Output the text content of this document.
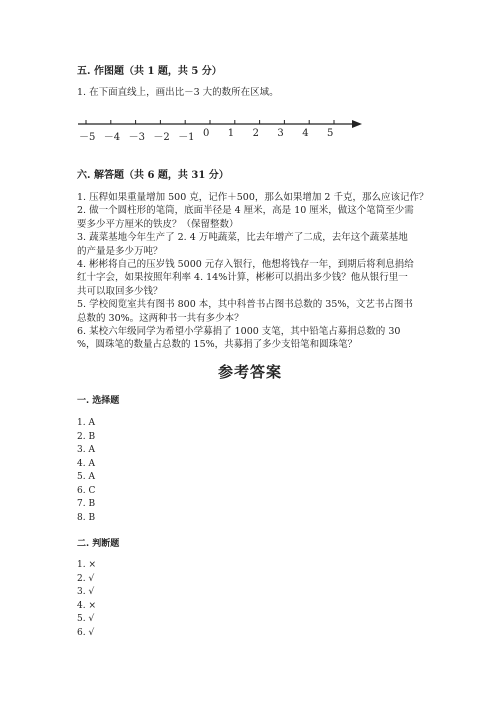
五. 作图题（共 1 题，共 5 分）
1. 在下面直线上，画出比－3 大的数所在区域。
－5 －4 －3 －2 －1 0 1 2 3 4 5
六. 解答题（共 6 题，共 31 分）
1. 压稈如果重量增加 500 克，记作＋500，那么如果增加 2 千克，那么应该记作？
2. 做一个圆柱形的笔筒，底面半径是 4 厘米，高是 10 厘米，做这个笔筒至少需
要多少平方厘米的铁皮？（保留整数）
3. 蔬菜基地今年生产了 2. 4 万吨蔬菜，比去年增产了二成，去年这个蔬菜基地
的产量是多少万吨？
4. 彬彬将自己的压岁钱 5000 元存入银行，他想将钱存一年，到期后将利息捐给
红十字会，如果按照年利率 4. 14%计算，彬彬可以捐出多少钱？他从银行里一
共可以取回多少钱？
5. 学校阅览室共有图书 800 本，其中科普书占图书总数的 35%，文艺书占图书
总数的 30%。这两种书一共有多少本？
6. 某校六年级同学为希望小学募捐了 1000 支笔，其中铅笔占募捐总数的 30
%，圆珠笔的数量占总数的 15%，共募捐了多少支铅笔和圆珠笔？
参考答案
一. 选择题
1. A
2. B
3. A
4. A
5. A
6. C
7. B
8. B
二. 判断题
1. ×
2. √
3. √
4. ×
5. √
6. √
